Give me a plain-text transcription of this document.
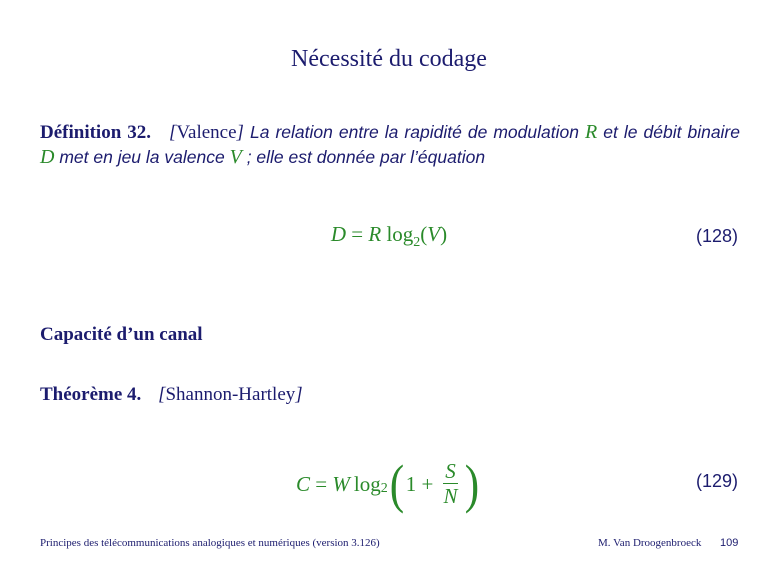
Nécessité du codage
Définition 32. [Valence] La relation entre la rapidité de modulation R et le débit binaire D met en jeu la valence V ; elle est donnée par l’équation
D = R $\log_2(V)$	(128)
Capacité d’un canal
Théorème 4. [Shannon-Hartley]
C = W log 2 ( $1 + \frac{S}{N}$ )	(129)
Principes des télécommunications analogiques et numériques (version 3.126)	M. Van Droogenbroeck 109
